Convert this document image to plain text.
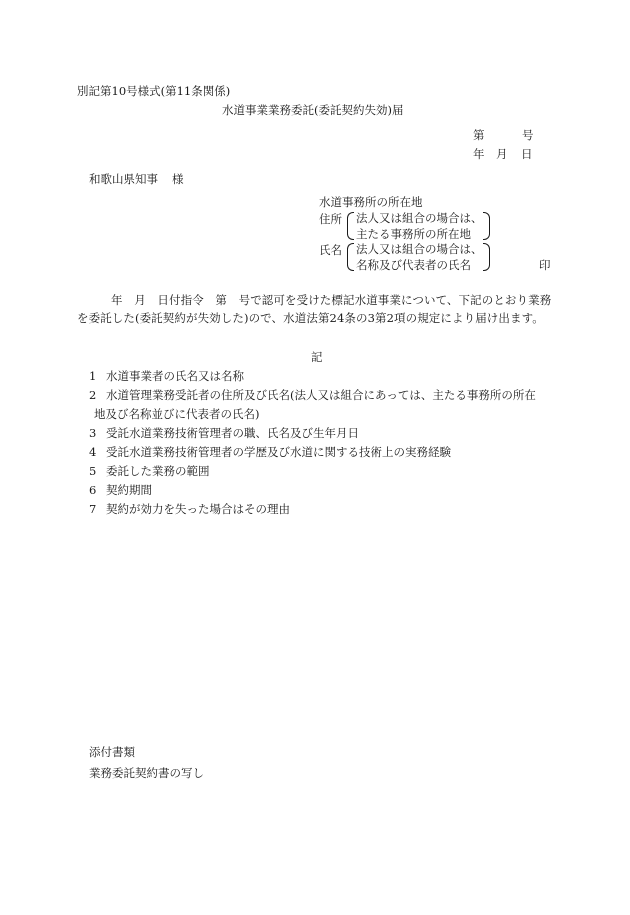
別記第10号様式(第11条関係)
水道事業業務委託(委託契約失効)届
第	号
年 月 日
和歌山県知事 様
水道事務所の所在地
住所 法人又は組合の場合は、
主たる事務所の所在地
氏名 法人又は組合の場合は、
名称及び代表者の氏名	印
年　月　日付指令　第　号で認可を受けた標記水道事業について、下記のとおり業務を委託した(委託契約が失効した)ので、水道法第24条の3第2項の規定により届け出ます。
記
1 水道事業者の氏名又は名称
2 水道管理業務受託者の住所及び氏名(法人又は組合にあっては、主たる事務所の所在
地及び名称並びに代表者の氏名)
3 受託水道業務技術管理者の職、氏名及び生年月日
4 受託水道業務技術管理者の学歴及び水道に関する技術上の実務経験
5 委託した業務の範囲
6 契約期間
7 契約が効力を失った場合はその理由
添付書類
業務委託契約書の写し
